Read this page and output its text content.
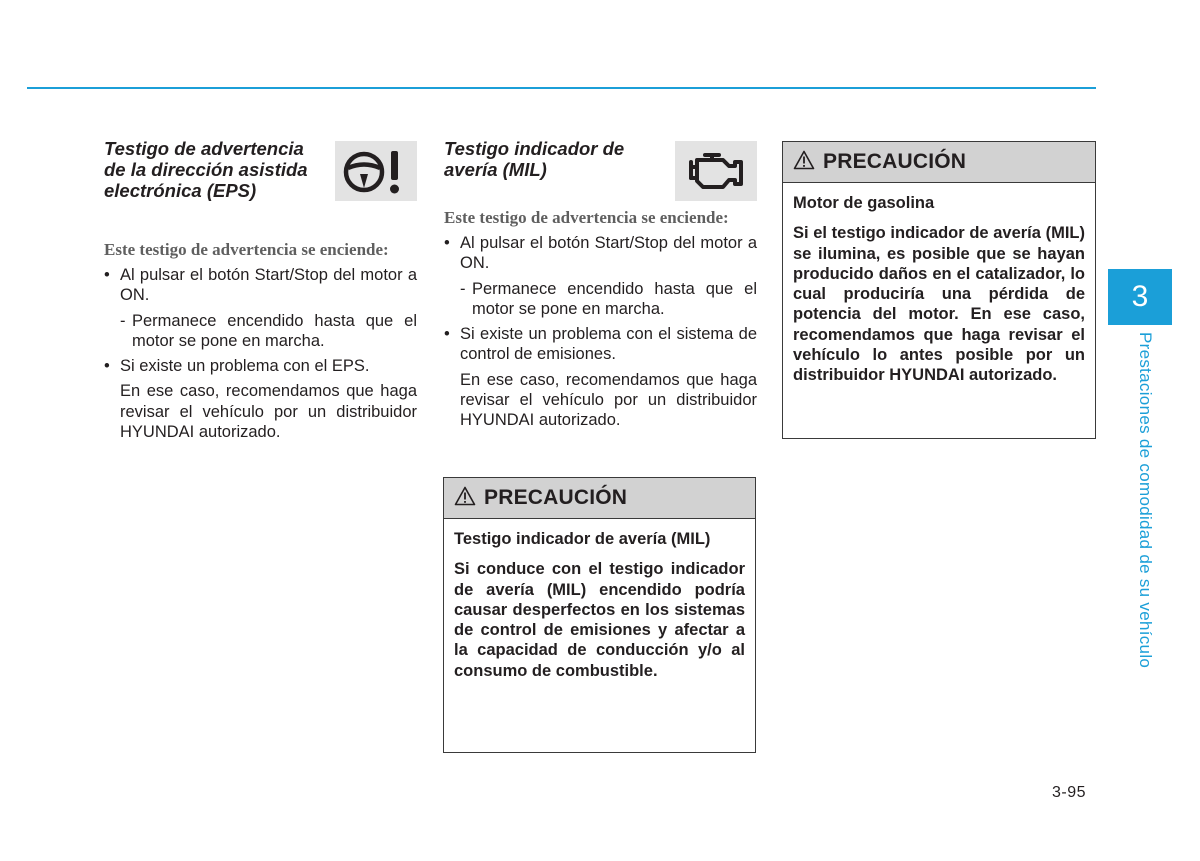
Testigo de advertencia de la dirección asistida electrónica (EPS)

Este testigo de advertencia se enciende:

• Al pulsar el botón Start/Stop del motor a ON.
- Permanece encendido hasta que el motor se pone en marcha.
• Si existe un problema con el EPS.
En ese caso, recomendamos que haga revisar el vehículo por un distribuidor HYUNDAI autorizado.
Testigo indicador de avería (MIL)

Este testigo de advertencia se enciende:

• Al pulsar el botón Start/Stop del motor a ON.
- Permanece encendido hasta que el motor se pone en marcha.
• Si existe un problema con el sistema de control de emisiones.
En ese caso, recomendamos que haga revisar el vehículo por un distribuidor HYUNDAI autorizado.
PRECAUCIÓN

Testigo indicador de avería (MIL)

Si conduce con el testigo indicador de avería (MIL) encendido podría causar desperfectos en los sistemas de control de emisiones y afectar a la capacidad de conducción y/o al consumo de combustible.

PRECAUCIÓN

Motor de gasolina

Si el testigo indicador de avería (MIL) se ilumina, es posible que se hayan producido daños en el catalizador, lo cual produciría una pérdida de potencia del motor. En ese caso, recomendamos que haga revisar el vehículo lo antes posible por un distribuidor HYUNDAI autorizado.

3
Prestaciones de comodidad de su vehículo
3-95
